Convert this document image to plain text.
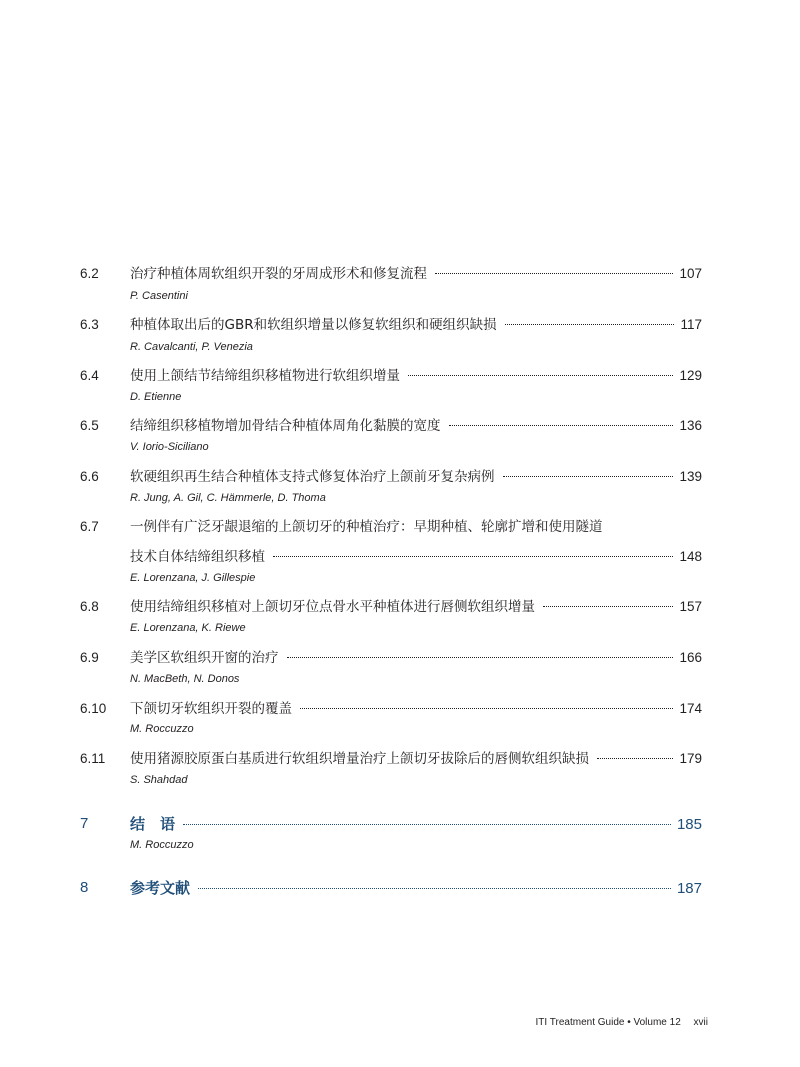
6.2 治疗种植体周软组织开裂的牙周成形术和修复流程	107
P. Casentini
6.3 种植体取出后的GBR和软组织增量以修复软组织和硬组织缺损	117
R. Cavalcanti, P. Venezia
6.4 使用上颌结节结缔组织移植物进行软组织增量	129
D. Etienne
6.5 结缔组织移植物增加骨结合种植体周角化黏膜的宽度	136
V. Iorio-Siciliano
6.6 软硬组织再生结合种植体支持式修复体治疗上颌前牙复杂病例	139
R. Jung, A. Gil, C. Hämmerle, D. Thoma
6.7 一例伴有广泛牙龈退缩的上颌切牙的种植治疗：早期种植、轮廓扩增和使用隧道
技术自体结缔组织移植	148
E. Lorenzana, J. Gillespie
6.8 使用结缔组织移植对上颌切牙位点骨水平种植体进行唇侧软组织增量	157
E. Lorenzana, K. Riewe
6.9 美学区软组织开窗的治疗	166
N. MacBeth, N. Donos
6.10 下颌切牙软组织开裂的覆盖	174
M. Roccuzzo
6.11 使用猪源胶原蛋白基质进行软组织增量治疗上颌切牙拔除后的唇侧软组织缺损	179
S. Shahdad
7	结　语	185
M. Roccuzzo
8	参考文献	187
ITI Treatment Guide • Volume 12 xvii
